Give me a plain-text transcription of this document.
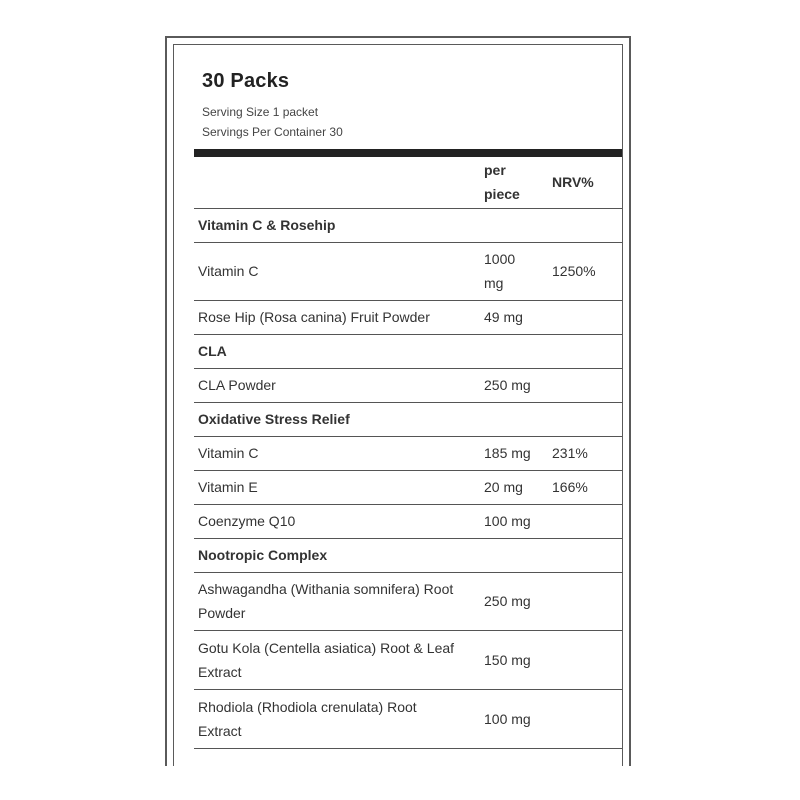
30 Packs
Serving Size 1 packet
Servings Per Container 30
	per piece	NRV%
Vitamin C & Rosehip		
Vitamin C	1000 mg	1250%
Rose Hip (Rosa canina) Fruit Powder	49 mg	
CLA		
CLA Powder	250 mg	
Oxidative Stress Relief		
Vitamin C	185 mg	231%
Vitamin E	20 mg	166%
Coenzyme Q10	100 mg	
Nootropic Complex		
Ashwagandha (Withania somnifera) Root Powder	250 mg	
Gotu Kola (Centella asiatica) Root & Leaf Extract	150 mg	
Rhodiola (Rhodiola crenulata) Root Extract	100 mg	
